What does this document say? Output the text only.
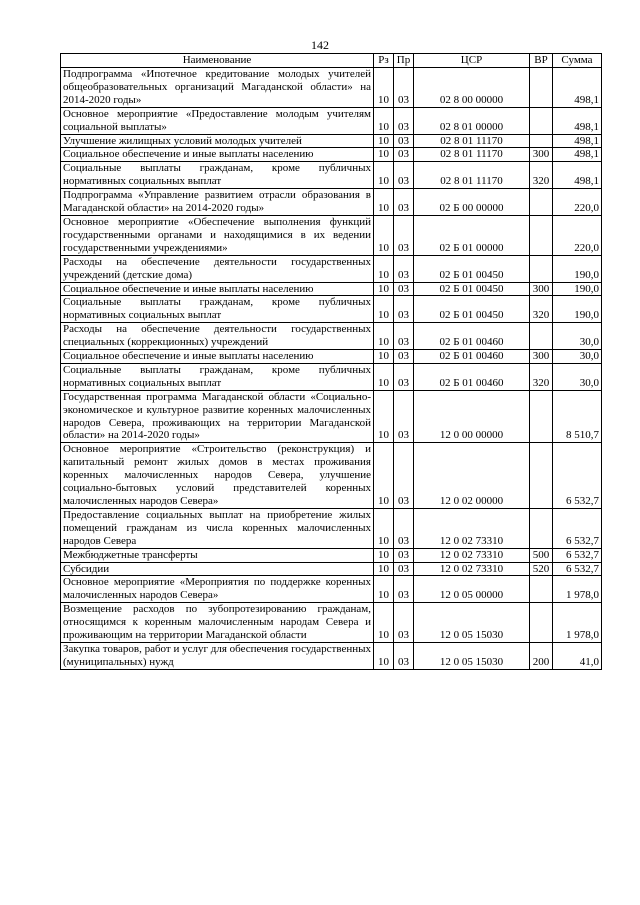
142
Наименование	Рз	Пр	ЦСР	ВР	Сумма
Подпрограмма «Ипотечное кредитование молодых учителей общеобразовательных организаций Магаданской области» на 2014-2020 годы»	10	03	02 8 00 00000		498,1
Основное мероприятие «Предоставление молодым учителям социальной выплаты»	10	03	02 8 01 00000		498,1
Улучшение жилищных условий молодых учителей	10	03	02 8 01 11170		498,1
Социальное обеспечение и иные выплаты населению	10	03	02 8 01 11170	300	498,1
Социальные выплаты гражданам, кроме публичных нормативных социальных выплат	10	03	02 8 01 11170	320	498,1
Подпрограмма «Управление развитием отрасли образования в Магаданской области» на 2014-2020 годы»	10	03	02 Б 00 00000		220,0
Основное мероприятие «Обеспечение выполнения функций государственными органами и находящимися в их ведении государственными учреждениями»	10	03	02 Б 01 00000		220,0
Расходы на обеспечение деятельности государственных учреждений (детские дома)	10	03	02 Б 01 00450		190,0
Социальное обеспечение и иные выплаты населению	10	03	02 Б 01 00450	300	190,0
Социальные выплаты гражданам, кроме публичных нормативных социальных выплат	10	03	02 Б 01 00450	320	190,0
Расходы на обеспечение деятельности государственных специальных (коррекционных) учреждений	10	03	02 Б 01 00460		30,0
Социальное обеспечение и иные выплаты населению	10	03	02 Б 01 00460	300	30,0
Социальные выплаты гражданам, кроме публичных нормативных социальных выплат	10	03	02 Б 01 00460	320	30,0
Государственная программа Магаданской области «Социально-экономическое и культурное развитие коренных малочисленных народов Севера, проживающих на территории Магаданской области» на 2014-2020 годы»	10	03	12 0 00 00000		8 510,7
Основное мероприятие «Строительство (реконструкция) и капитальный ремонт жилых домов в местах проживания коренных малочисленных народов Севера, улучшение социально-бытовых условий представителей коренных малочисленных народов Севера»	10	03	12 0 02 00000		6 532,7
Предоставление социальных выплат на приобретение жилых помещений гражданам из числа коренных малочисленных народов Севера	10	03	12 0 02 73310		6 532,7
Межбюджетные трансферты	10	03	12 0 02 73310	500	6 532,7
Субсидии	10	03	12 0 02 73310	520	6 532,7
Основное мероприятие «Мероприятия по поддержке коренных малочисленных народов Севера»	10	03	12 0 05 00000		1 978,0
Возмещение расходов по зубопротезированию гражданам, относящимся к коренным малочисленным народам Севера и проживающим на территории Магаданской области	10	03	12 0 05 15030		1 978,0
Закупка товаров, работ и услуг для обеспечения государственных (муниципальных) нужд	10	03	12 0 05 15030	200	41,0
